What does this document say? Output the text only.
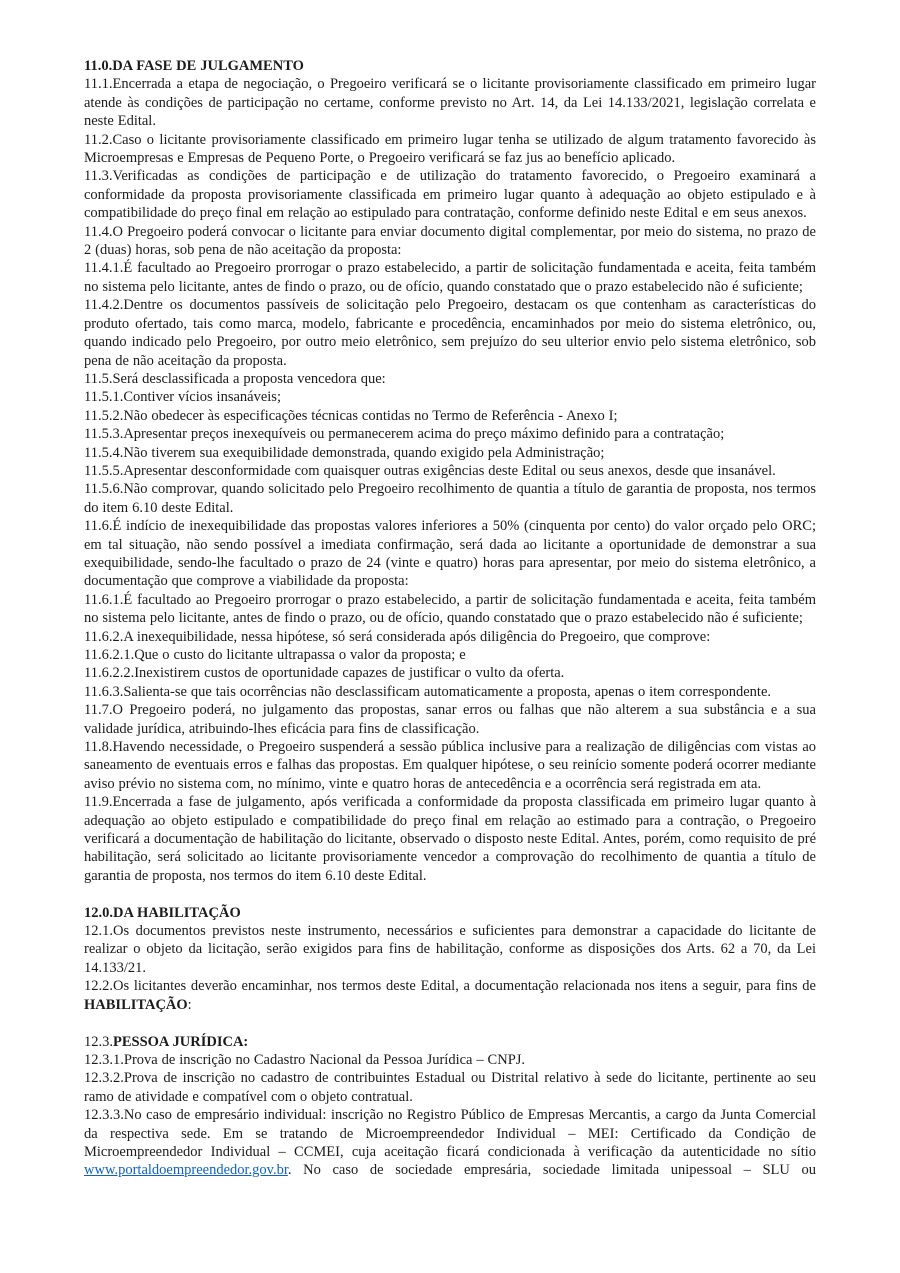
11.0.DA FASE DE JULGAMENTO

11.1.Encerrada a etapa de negociação, o Pregoeiro verificará se o licitante provisoriamente classificado em primeiro lugar atende às condições de participação no certame, conforme previsto no Art. 14, da Lei 14.133/2021, legislação correlata e neste Edital.

11.2.Caso o licitante provisoriamente classificado em primeiro lugar tenha se utilizado de algum tratamento favorecido às Microempresas e Empresas de Pequeno Porte, o Pregoeiro verificará se faz jus ao benefício aplicado.

11.3.Verificadas as condições de participação e de utilização do tratamento favorecido, o Pregoeiro examinará a conformidade da proposta provisoriamente classificada em primeiro lugar quanto à adequação ao objeto estipulado e à compatibilidade do preço final em relação ao estipulado para contratação, conforme definido neste Edital e em seus anexos.

11.4.O Pregoeiro poderá convocar o licitante para enviar documento digital complementar, por meio do sistema, no prazo de 2 (duas) horas, sob pena de não aceitação da proposta:

11.4.1.É facultado ao Pregoeiro prorrogar o prazo estabelecido, a partir de solicitação fundamentada e aceita, feita também no sistema pelo licitante, antes de findo o prazo, ou de ofício, quando constatado que o prazo estabelecido não é suficiente;

11.4.2.Dentre os documentos passíveis de solicitação pelo Pregoeiro, destacam os que contenham as características do produto ofertado, tais como marca, modelo, fabricante e procedência, encaminhados por meio do sistema eletrônico, ou, quando indicado pelo Pregoeiro, por outro meio eletrônico, sem prejuízo do seu ulterior envio pelo sistema eletrônico, sob pena de não aceitação da proposta.

11.5.Será desclassificada a proposta vencedora que:

11.5.1.Contiver vícios insanáveis;

11.5.2.Não obedecer às especificações técnicas contidas no Termo de Referência - Anexo I;

11.5.3.Apresentar preços inexequíveis ou permanecerem acima do preço máximo definido para a contratação;

11.5.4.Não tiverem sua exequibilidade demonstrada, quando exigido pela Administração;

11.5.5.Apresentar desconformidade com quaisquer outras exigências deste Edital ou seus anexos, desde que insanável.

11.5.6.Não comprovar, quando solicitado pelo Pregoeiro recolhimento de quantia a título de garantia de proposta, nos termos do item 6.10 deste Edital.

11.6.É indício de inexequibilidade das propostas valores inferiores a 50% (cinquenta por cento) do valor orçado pelo ORC; em tal situação, não sendo possível a imediata confirmação, será dada ao licitante a oportunidade de demonstrar a sua exequibilidade, sendo-lhe facultado o prazo de 24 (vinte e quatro) horas para apresentar, por meio do sistema eletrônico, a documentação que comprove a viabilidade da proposta:

11.6.1.É facultado ao Pregoeiro prorrogar o prazo estabelecido, a partir de solicitação fundamentada e aceita, feita também no sistema pelo licitante, antes de findo o prazo, ou de ofício, quando constatado que o prazo estabelecido não é suficiente;

11.6.2.A inexequibilidade, nessa hipótese, só será considerada após diligência do Pregoeiro, que comprove:

11.6.2.1.Que o custo do licitante ultrapassa o valor da proposta; e

11.6.2.2.Inexistirem custos de oportunidade capazes de justificar o vulto da oferta.

11.6.3.Salienta-se que tais ocorrências não desclassificam automaticamente a proposta, apenas o item correspondente.

11.7.O Pregoeiro poderá, no julgamento das propostas, sanar erros ou falhas que não alterem a sua substância e a sua validade jurídica, atribuindo-lhes eficácia para fins de classificação.

11.8.Havendo necessidade, o Pregoeiro suspenderá a sessão pública inclusive para a realização de diligências com vistas ao saneamento de eventuais erros e falhas das propostas. Em qualquer hipótese, o seu reinício somente poderá ocorrer mediante aviso prévio no sistema com, no mínimo, vinte e quatro horas de antecedência e a ocorrência será registrada em ata.

11.9.Encerrada a fase de julgamento, após verificada a conformidade da proposta classificada em primeiro lugar quanto à adequação ao objeto estipulado e compatibilidade do preço final em relação ao estimado para a contração, o Pregoeiro verificará a documentação de habilitação do licitante, observado o disposto neste Edital. Antes, porém, como requisito de pré habilitação, será solicitado ao licitante provisoriamente vencedor a comprovação do recolhimento de quantia a título de garantia de proposta, nos termos do item 6.10 deste Edital.

12.0.DA HABILITAÇÃO

12.1.Os documentos previstos neste instrumento, necessários e suficientes para demonstrar a capacidade do licitante de realizar o objeto da licitação, serão exigidos para fins de habilitação, conforme as disposições dos Arts. 62 a 70, da Lei 14.133/21.

12.2.Os licitantes deverão encaminhar, nos termos deste Edital, a documentação relacionada nos itens a seguir, para fins de HABILITAÇÃO:

12.3.PESSOA JURÍDICA:

12.3.1.Prova de inscrição no Cadastro Nacional da Pessoa Jurídica – CNPJ.

12.3.2.Prova de inscrição no cadastro de contribuintes Estadual ou Distrital relativo à sede do licitante, pertinente ao seu ramo de atividade e compatível com o objeto contratual.

12.3.3.No caso de empresário individual: inscrição no Registro Público de Empresas Mercantis, a cargo da Junta Comercial da respectiva sede. Em se tratando de Microempreendedor Individual – MEI: Certificado da Condição de Microempreendedor Individual – CCMEI, cuja aceitação ficará condicionada à verificação da autenticidade no sítio www.portaldoempreendedor.gov.br. No caso de sociedade empresária, sociedade limitada unipessoal – SLU ou
